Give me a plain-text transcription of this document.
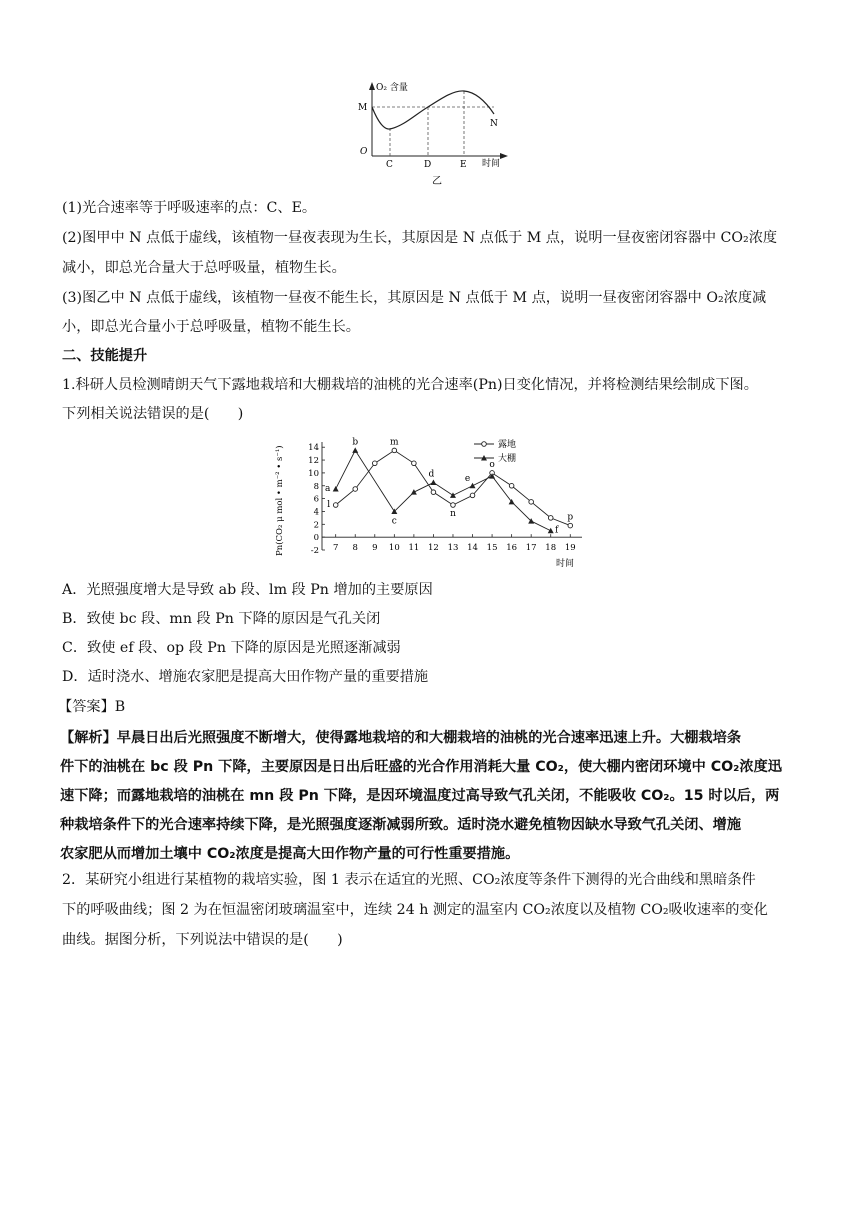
O₂ 含量
时间
O
M
N
C	D	E
乙
(1)光合速率等于呼吸速率的点：C、E。
(2)图甲中 N 点低于虚线，该植物一昼夜表现为生长，其原因是 N 点低于 M 点，说明一昼夜密闭容器中 CO₂浓度
减小，即总光合量大于总呼吸量，植物生长。
(3)图乙中 N 点低于虚线，该植物一昼夜不能生长，其原因是 N 点低于 M 点，说明一昼夜密闭容器中 O₂浓度减
小，即总光合量小于总呼吸量，植物不能生长。
二、技能提升
1.科研人员检测晴朗天气下露地栽培和大棚栽培的油桃的光合速率(Pn)日变化情况，并将检测结果绘制成下图。
下列相关说法错误的是(　　)
-2
0
2
4
6
8
10
12
14
7 8 9 10 11 12 13 14 15 16 17 18 19
a
b
c
d	e
f
l
m
n
o
p
Pn(CO₂ μ mol • m⁻² • s⁻¹)
时间
露地
大棚
A．光照强度增大是导致 ab 段、lm 段 Pn 增加的主要原因
B．致使 bc 段、mn 段 Pn 下降的原因是气孔关闭
C．致使 ef 段、op 段 Pn 下降的原因是光照逐渐减弱
D．适时浇水、增施农家肥是提高大田作物产量的重要措施
【答案】B
【解析】早晨日出后光照强度不断增大，使得露地栽培的和大棚栽培的油桃的光合速率迅速上升。大棚栽培条
件下的油桃在 bc 段 Pn 下降，主要原因是日出后旺盛的光合作用消耗大量 CO₂，使大棚内密闭环境中 CO₂浓度迅
速下降；而露地栽培的油桃在 mn 段 Pn 下降，是因环境温度过高导致气孔关闭，不能吸收 CO₂。15 时以后，两
种栽培条件下的光合速率持续下降，是光照强度逐渐减弱所致。适时浇水避免植物因缺水导致气孔关闭、增施
农家肥从而增加土壤中 CO₂浓度是提高大田作物产量的可行性重要措施。
2．某研究小组进行某植物的栽培实验，图 1 表示在适宜的光照、CO₂浓度等条件下测得的光合曲线和黑暗条件
下的呼吸曲线；图 2 为在恒温密闭玻璃温室中，连续 24 h 测定的温室内 CO₂浓度以及植物 CO₂吸收速率的变化
曲线。据图分析，下列说法中错误的是(　　)
